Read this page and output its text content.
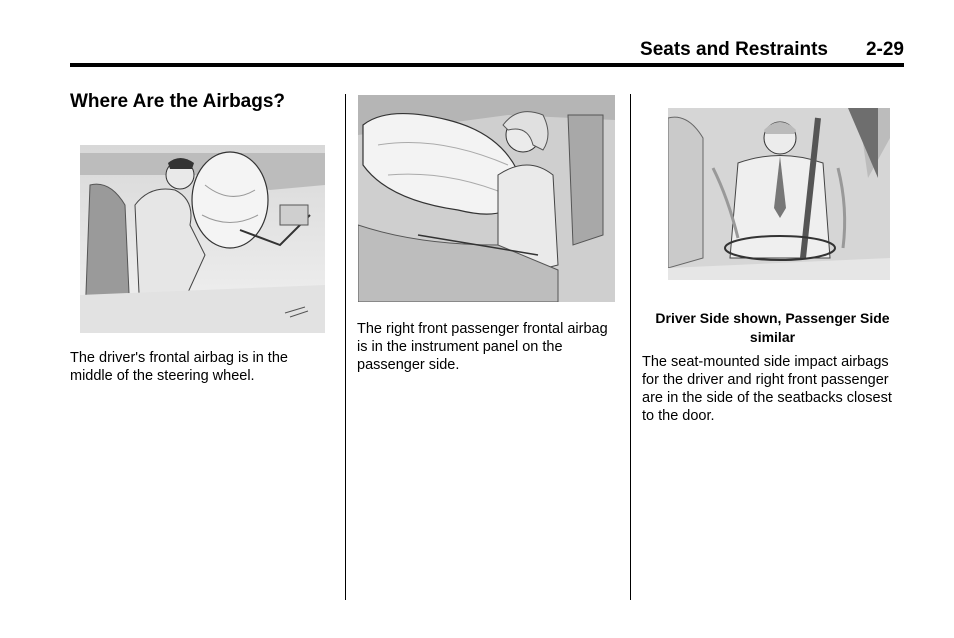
Seats and Restraints 2-29
Where Are the Airbags?
The driver's frontal airbag is in the middle of the steering wheel.
The right front passenger frontal airbag is in the instrument panel on the passenger side.
Driver Side shown, Passenger Side similar
The seat-mounted side impact airbags for the driver and right front passenger are in the side of the seatbacks closest to the door.
